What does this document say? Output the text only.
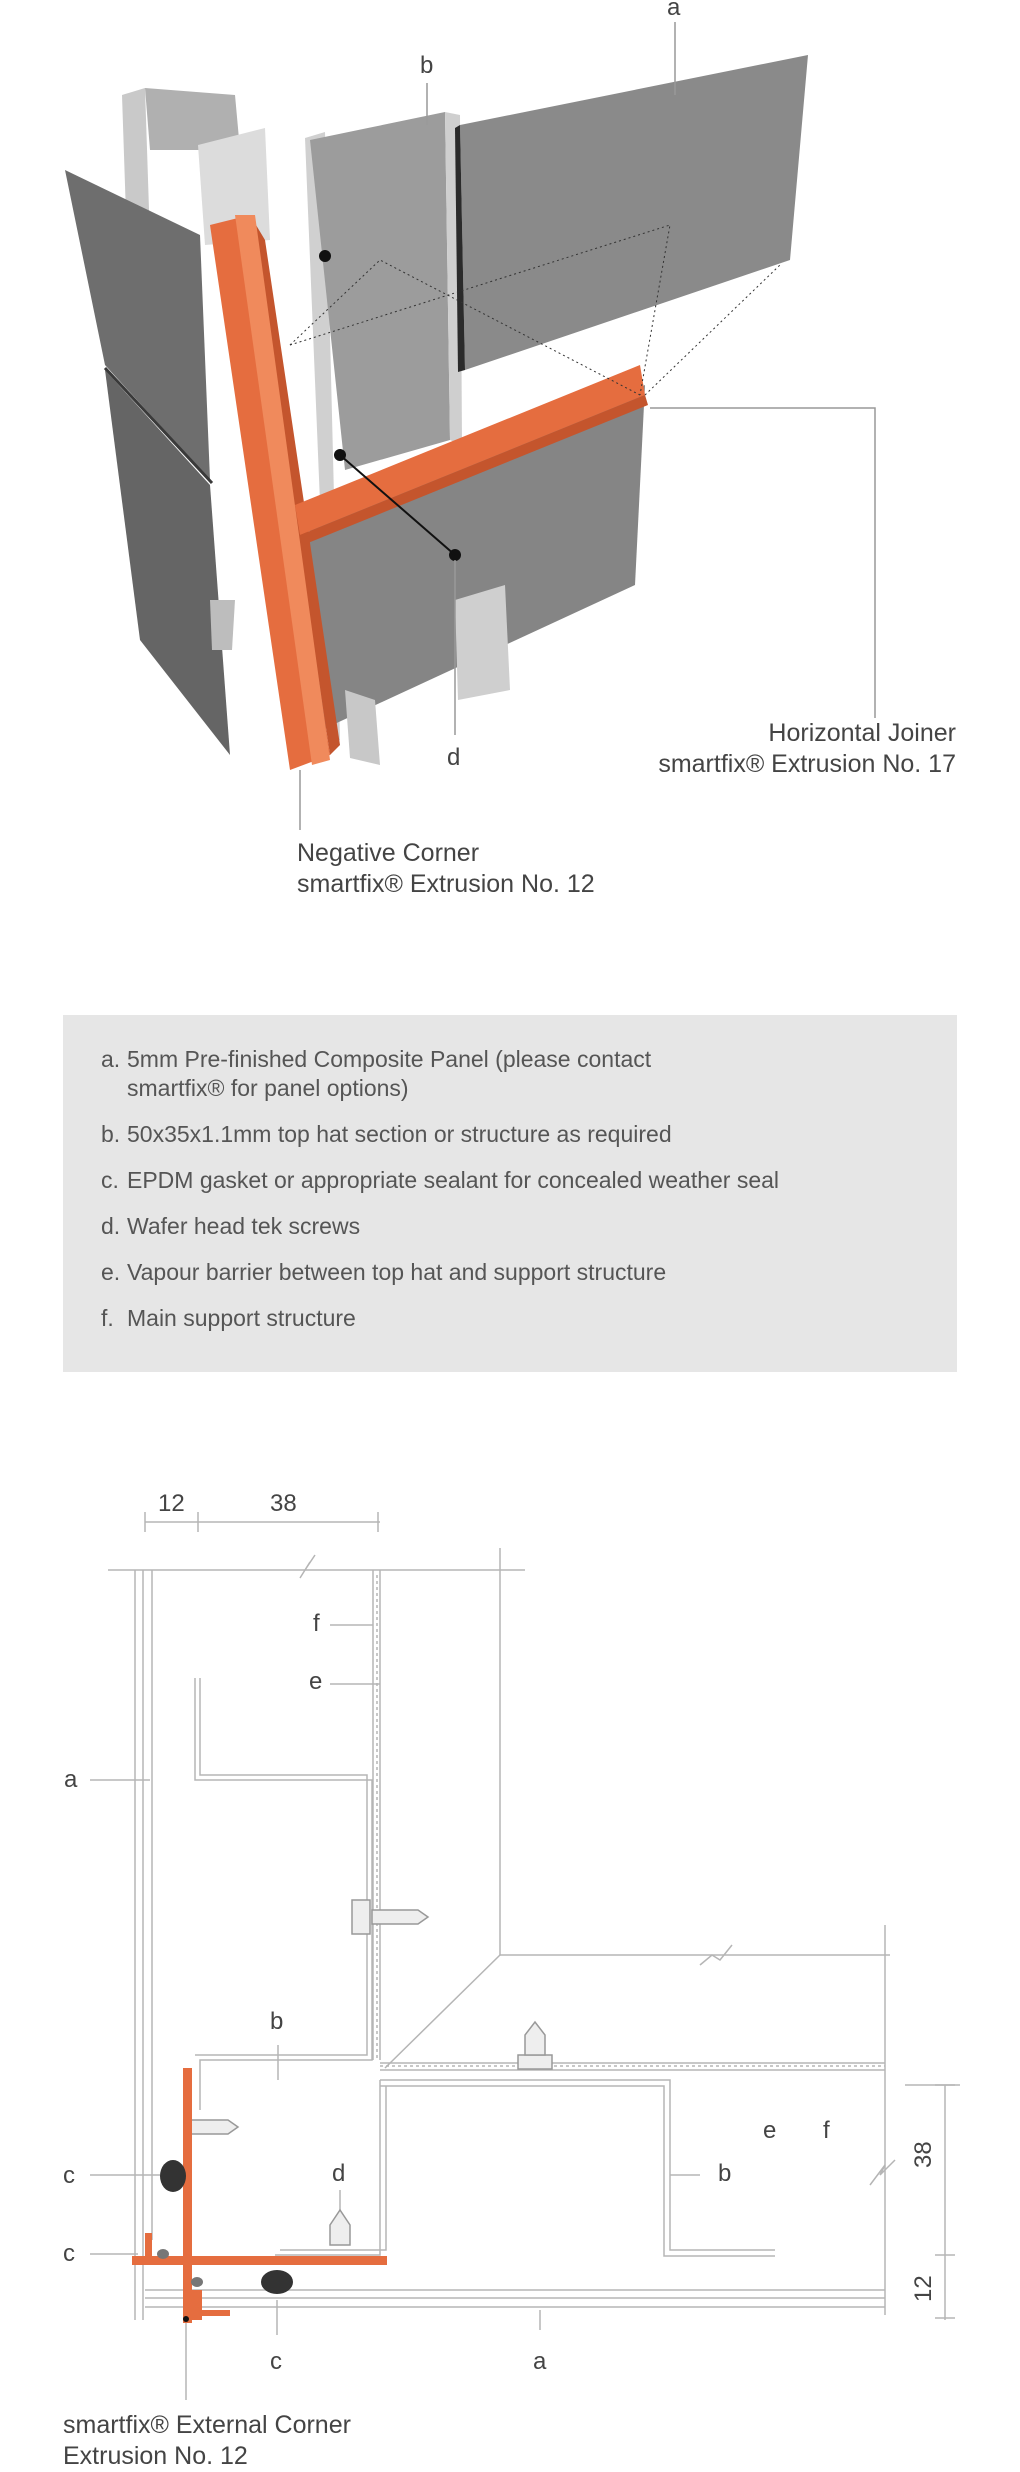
a
b
d
Horizontal Joiner
smartfix® Extrusion No. 17
Negative Corner
smartfix® Extrusion No. 12
a. 5mm Pre-finished Composite Panel (please contact smartfix® for panel options)
b. 50x35x1.1mm top hat section or structure as required
c. EPDM gasket or appropriate sealant for concealed weather seal
d. Wafer head tek screws
e. Vapour barrier between top hat and support structure
f. Main support structure
12	38
38
12
f
e
a
b
e f
b
c	d
c
c	a
smartfix® External Corner
Extrusion No. 12
